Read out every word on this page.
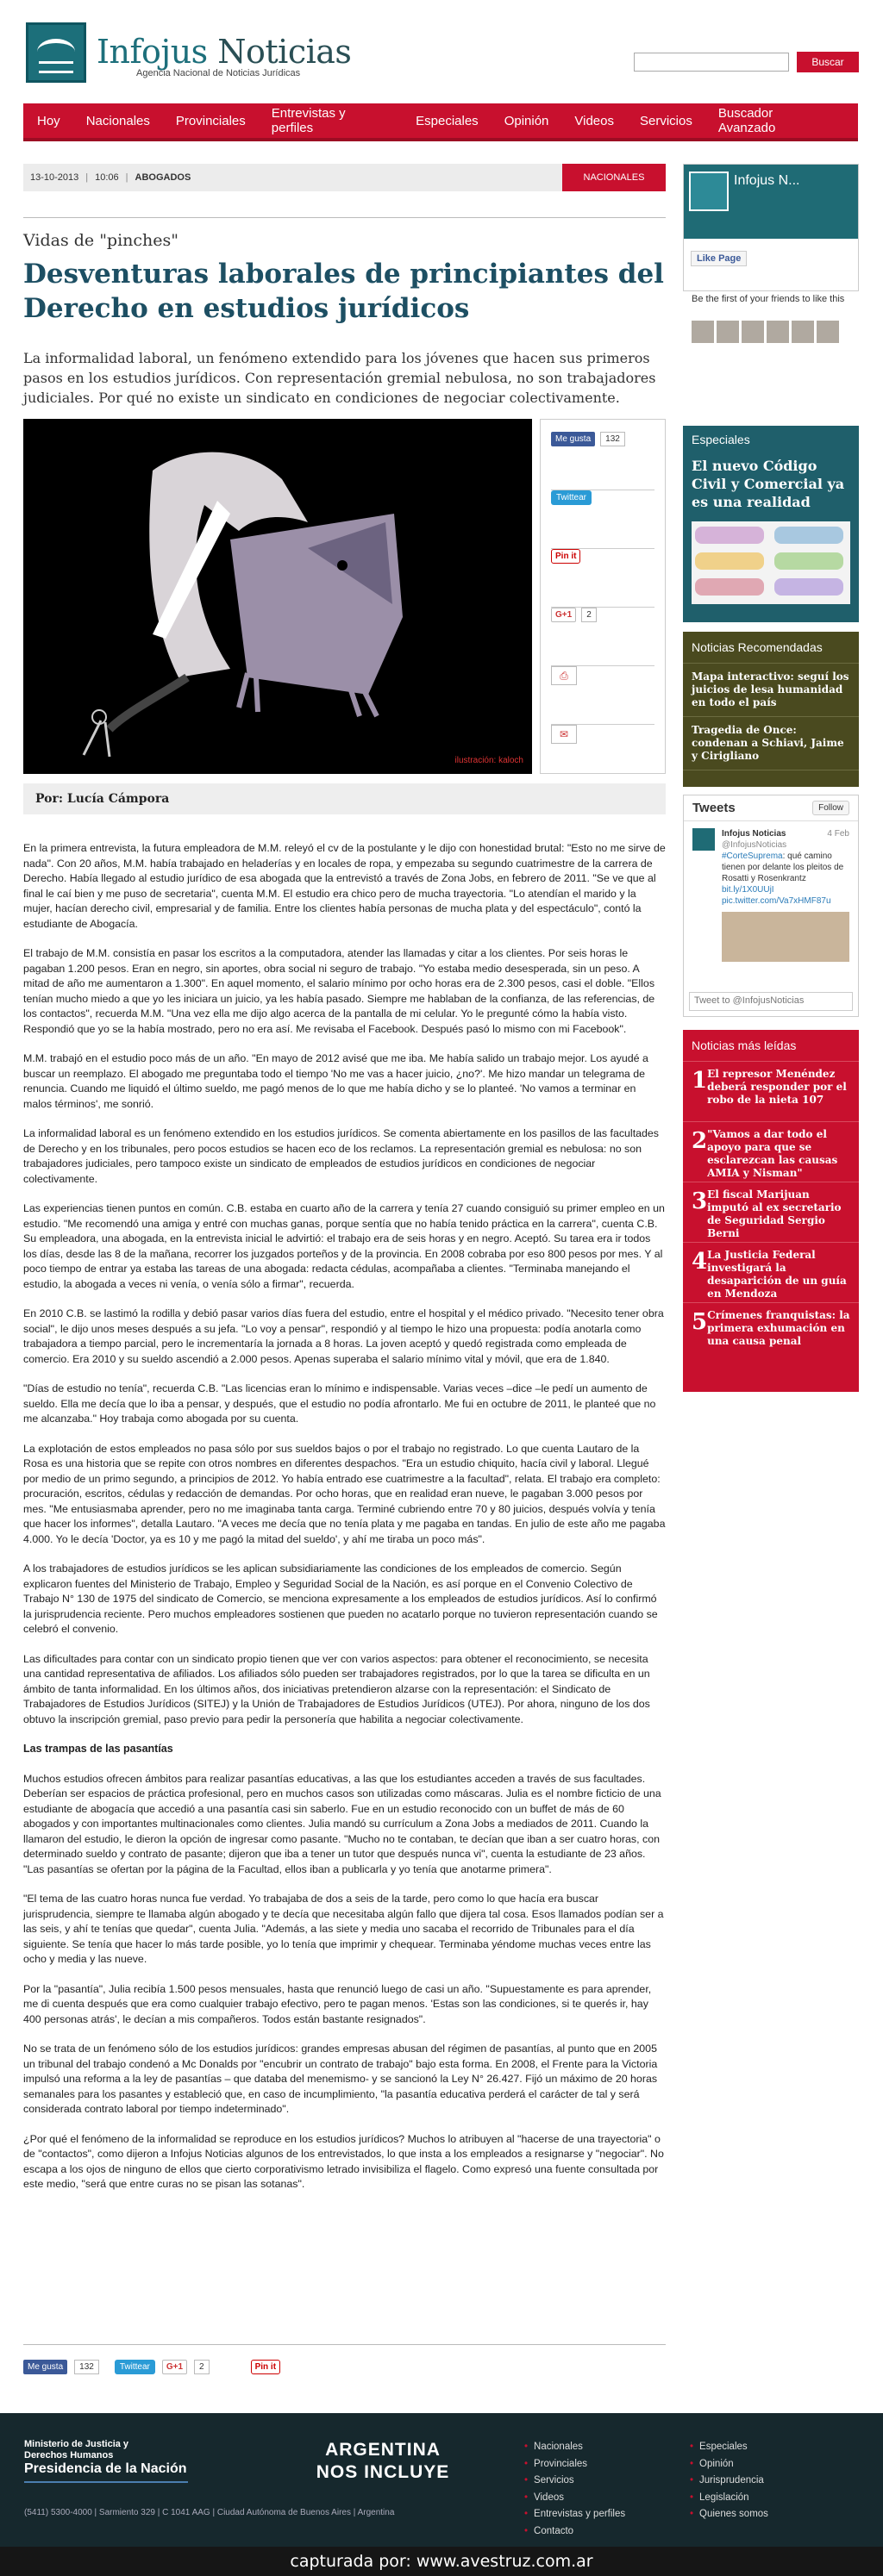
Infojus Noticias
Agencia Nacional de Noticias Jurídicas
Buscar
Hoy Nacionales Provinciales Entrevistas y perfiles	Especiales Opinión Videos Servicios Buscador Avanzado
13-10-2013 | 10:06 | ABOGADOS	NACIONALES
Vidas de "pinches"
Desventuras laborales de principiantes del Derecho en estudios jurídicos
La informalidad laboral, un fenómeno extendido para los jóvenes que hacen sus primeros pasos en los estudios jurídicos. Con representación gremial nebulosa, no son trabajadores judiciales. Por qué no existe un sindicato en condiciones de negociar colectivamente.
ilustración: kaloch
Me gusta	132
Twittear
Pin it
G+1	2
⎙
✉
Por: Lucía Cámpora

En la primera entrevista, la futura empleadora de M.M. releyó el cv de la postulante y le dijo con honestidad brutal: "Esto no me sirve de nada". Con 20 años, M.M. había trabajado en heladerías y en locales de ropa, y empezaba su segundo cuatrimestre de la carrera de Derecho. Había llegado al estudio jurídico de esa abogada que la entrevistó a través de Zona Jobs, en febrero de 2011. "Se ve que al final le caí bien y me puso de secretaria", cuenta M.M. El estudio era chico pero de mucha trayectoria. "Lo atendían el marido y la mujer, hacían derecho civil, empresarial y de familia. Entre los clientes había personas de mucha plata y del espectáculo", contó la estudiante de Abogacía.

El trabajo de M.M. consistía en pasar los escritos a la computadora, atender las llamadas y citar a los clientes. Por seis horas le pagaban 1.200 pesos. Eran en negro, sin aportes, obra social ni seguro de trabajo. "Yo estaba medio desesperada, sin un peso. A mitad de año me aumentaron a 1.300". En aquel momento, el salario mínimo por ocho horas era de 2.300 pesos, casi el doble. "Ellos tenían mucho miedo a que yo les iniciara un juicio, ya les había pasado. Siempre me hablaban de la confianza, de las referencias, de los contactos", recuerda M.M. "Una vez ella me dijo algo acerca de la pantalla de mi celular. Yo le pregunté cómo la había visto. Respondió que yo se la había mostrado, pero no era así. Me revisaba el Facebook. Después pasó lo mismo con mi Facebook".

M.M. trabajó en el estudio poco más de un año. "En mayo de 2012 avisé que me iba. Me había salido un trabajo mejor. Los ayudé a buscar un reemplazo. El abogado me preguntaba todo el tiempo 'No me vas a hacer juicio, ¿no?'. Me hizo mandar un telegrama de renuncia. Cuando me liquidó el último sueldo, me pagó menos de lo que me había dicho y se lo planteé. 'No vamos a terminar en malos términos', me sonrió.

La informalidad laboral es un fenómeno extendido en los estudios jurídicos. Se comenta abiertamente en los pasillos de las facultades de Derecho y en los tribunales, pero pocos estudios se hacen eco de los reclamos. La representación gremial es nebulosa: no son trabajadores judiciales, pero tampoco existe un sindicato de empleados de estudios jurídicos en condiciones de negociar colectivamente.

Las experiencias tienen puntos en común. C.B. estaba en cuarto año de la carrera y tenía 27 cuando consiguió su primer empleo en un estudio. "Me recomendó una amiga y entré con muchas ganas, porque sentía que no había tenido práctica en la carrera", cuenta C.B. Su empleadora, una abogada, en la entrevista inicial le advirtió: el trabajo era de seis horas y en negro. Aceptó. Su tarea era ir todos los días, desde las 8 de la mañana, recorrer los juzgados porteños y de la provincia. En 2008 cobraba por eso 800 pesos por mes. Y al poco tiempo de entrar ya estaba las tareas de una abogada: redacta cédulas, acompañaba a clientes. "Terminaba manejando el estudio, la abogada a veces ni venía, o venía sólo a firmar", recuerda.

En 2010 C.B. se lastimó la rodilla y debió pasar varios días fuera del estudio, entre el hospital y el médico privado. "Necesito tener obra social", le dijo unos meses después a su jefa. "Lo voy a pensar", respondió y al tiempo le hizo una propuesta: podía anotarla como trabajadora a tiempo parcial, pero le incrementaría la jornada a 8 horas. La joven aceptó y quedó registrada como empleada de comercio. Era 2010 y su sueldo ascendió a 2.000 pesos. Apenas superaba el salario mínimo vital y móvil, que era de 1.840.

"Días de estudio no tenía", recuerda C.B. "Las licencias eran lo mínimo e indispensable. Varias veces –dice –le pedí un aumento de sueldo. Ella me decía que lo iba a pensar, y después, que el estudio no podía afrontarlo. Me fui en octubre de 2011, le planteé que no me alcanzaba." Hoy trabaja como abogada por su cuenta.

La explotación de estos empleados no pasa sólo por sus sueldos bajos o por el trabajo no registrado. Lo que cuenta Lautaro de la Rosa es una historia que se repite con otros nombres en diferentes despachos. "Era un estudio chiquito, hacía civil y laboral. Llegué por medio de un primo segundo, a principios de 2012. Yo había entrado ese cuatrimestre a la facultad", relata. El trabajo era completo: procuración, escritos, cédulas y redacción de demandas. Por ocho horas, que en realidad eran nueve, le pagaban 3.000 pesos por mes. "Me entusiasmaba aprender, pero no me imaginaba tanta carga. Terminé cubriendo entre 70 y 80 juicios, después volvía y tenía que hacer los informes", detalla Lautaro. "A veces me decía que no tenía plata y me pagaba en tandas. En julio de este año me pagaba 4.000. Yo le decía 'Doctor, ya es 10 y me pagó la mitad del sueldo', y ahí me tiraba un poco más".

A los trabajadores de estudios jurídicos se les aplican subsidiariamente las condiciones de los empleados de comercio. Según explicaron fuentes del Ministerio de Trabajo, Empleo y Seguridad Social de la Nación, es así porque en el Convenio Colectivo de Trabajo N° 130 de 1975 del sindicato de Comercio, se menciona expresamente a los empleados de estudios jurídicos. Así lo confirmó la jurisprudencia reciente. Pero muchos empleadores sostienen que pueden no acatarlo porque no tuvieron representación cuando se celebró el convenio.

Las dificultades para contar con un sindicato propio tienen que ver con varios aspectos: para obtener el reconocimiento, se necesita una cantidad representativa de afiliados. Los afiliados sólo pueden ser trabajadores registrados, por lo que la tarea se dificulta en un ámbito de tanta informalidad. En los últimos años, dos iniciativas pretendieron alzarse con la representación: el Sindicato de Trabajadores de Estudios Jurídicos (SITEJ) y la Unión de Trabajadores de Estudios Jurídicos (UTEJ). Por ahora, ninguno de los dos obtuvo la inscripción gremial, paso previo para pedir la personería que habilita a negociar colectivamente.

Las trampas de las pasantías

Muchos estudios ofrecen ámbitos para realizar pasantías educativas, a las que los estudiantes acceden a través de sus facultades. Deberían ser espacios de práctica profesional, pero en muchos casos son utilizadas como máscaras. Julia es el nombre ficticio de una estudiante de abogacía que accedió a una pasantía casi sin saberlo. Fue en un estudio reconocido con un buffet de más de 60 abogados y con importantes multinacionales como clientes. Julia mandó su currículum a Zona Jobs a mediados de 2011. Cuando la llamaron del estudio, le dieron la opción de ingresar como pasante. "Mucho no te contaban, te decían que iban a ser cuatro horas, con determinado sueldo y contrato de pasante; dijeron que iba a tener un tutor que después nunca vi", cuenta la estudiante de 23 años. "Las pasantías se ofertan por la página de la Facultad, ellos iban a publicarla y yo tenía que anotarme primera".

"El tema de las cuatro horas nunca fue verdad. Yo trabajaba de dos a seis de la tarde, pero como lo que hacía era buscar jurisprudencia, siempre te llamaba algún abogado y te decía que necesitaba algún fallo que dijera tal cosa. Esos llamados podían ser a las seis, y ahí te tenías que quedar", cuenta Julia. "Además, a las siete y media uno sacaba el recorrido de Tribunales para el día siguiente. Se tenía que hacer lo más tarde posible, yo lo tenía que imprimir y chequear. Terminaba yéndome muchas veces entre las ocho y media y las nueve.

Por la "pasantía", Julia recibía 1.500 pesos mensuales, hasta que renunció luego de casi un año. "Supuestamente es para aprender, me di cuenta después que era como cualquier trabajo efectivo, pero te pagan menos. 'Estas son las condiciones, si te querés ir, hay 400 personas atrás', le decían a mis compañeros. Todos están bastante resignados".

No se trata de un fenómeno sólo de los estudios jurídicos: grandes empresas abusan del régimen de pasantías, al punto que en 2005 un tribunal del trabajo condenó a Mc Donalds por "encubrir un contrato de trabajo" bajo esta forma. En 2008, el Frente para la Victoria impulsó una reforma a la ley de pasantías – que databa del menemismo- y se sancionó la Ley N° 26.427. Fijó un máximo de 20 horas semanales para los pasantes y estableció que, en caso de incumplimiento, "la pasantía educativa perderá el carácter de tal y será considerada contrato laboral por tiempo indeterminado".

¿Por qué el fenómeno de la informalidad se reproduce en los estudios jurídicos? Muchos lo atribuyen al "hacerse de una trayectoria" o de "contactos", como dijeron a Infojus Noticias algunos de los entrevistados, lo que insta a los empleados a resignarse y "negociar". No escapa a los ojos de ninguno de ellos que cierto corporativismo letrado invisibiliza el flagelo. Como expresó una fuente consultada por este medio, "será que entre curas no se pisan las sotanas".

Me gusta	132	Twittear	G+1	2	Pin it
Infojus N...
Like Page
Be the first of your friends to like this
Especiales
El nuevo Código Civil y Comercial ya es una realidad
Noticias Recomendadas
Mapa interactivo: seguí los juicios de lesa humanidad en todo el país
Tragedia de Once: condenan a Schiavi, Jaime y Cirigliano
Tweets	Follow
Infojus Noticias	4 Feb

@InfojusNoticias
#CorteSuprema: qué camino tienen por delante los pleitos de Rosatti y Rosenkrantz bit.ly/1X0UUjI pic.twitter.com/Va7xHMF87u
Tweet to @InfojusNoticias
Noticias más leídas
1 El represor Menéndez deberá responder por el robo de la nieta 107
2 "Vamos a dar todo el apoyo para que se esclarezcan las causas AMIA y Nisman"
3 El fiscal Marijuan imputó al ex secretario de Seguridad Sergio Berni
4 La Justicia Federal investigará la desaparición de un guía en Mendoza
5 Crímenes franquistas: la primera exhumación en una causa penal
Ministerio de Justicia y Derechos Humanos
Presidencia de la Nación
ARGENTINA NOS INCLUYE
(5411) 5300-4000 | Sarmiento 329 | C 1041 AAG | Ciudad Autónoma de Buenos Aires | Argentina
• Nacionales
• Provinciales
• Servicios
• Videos
• Entrevistas y perfiles
• Contacto
• Especiales
• Opinión
• Jurisprudencia
• Legislación
• Quienes somos
capturada por: www.avestruz.com.ar
